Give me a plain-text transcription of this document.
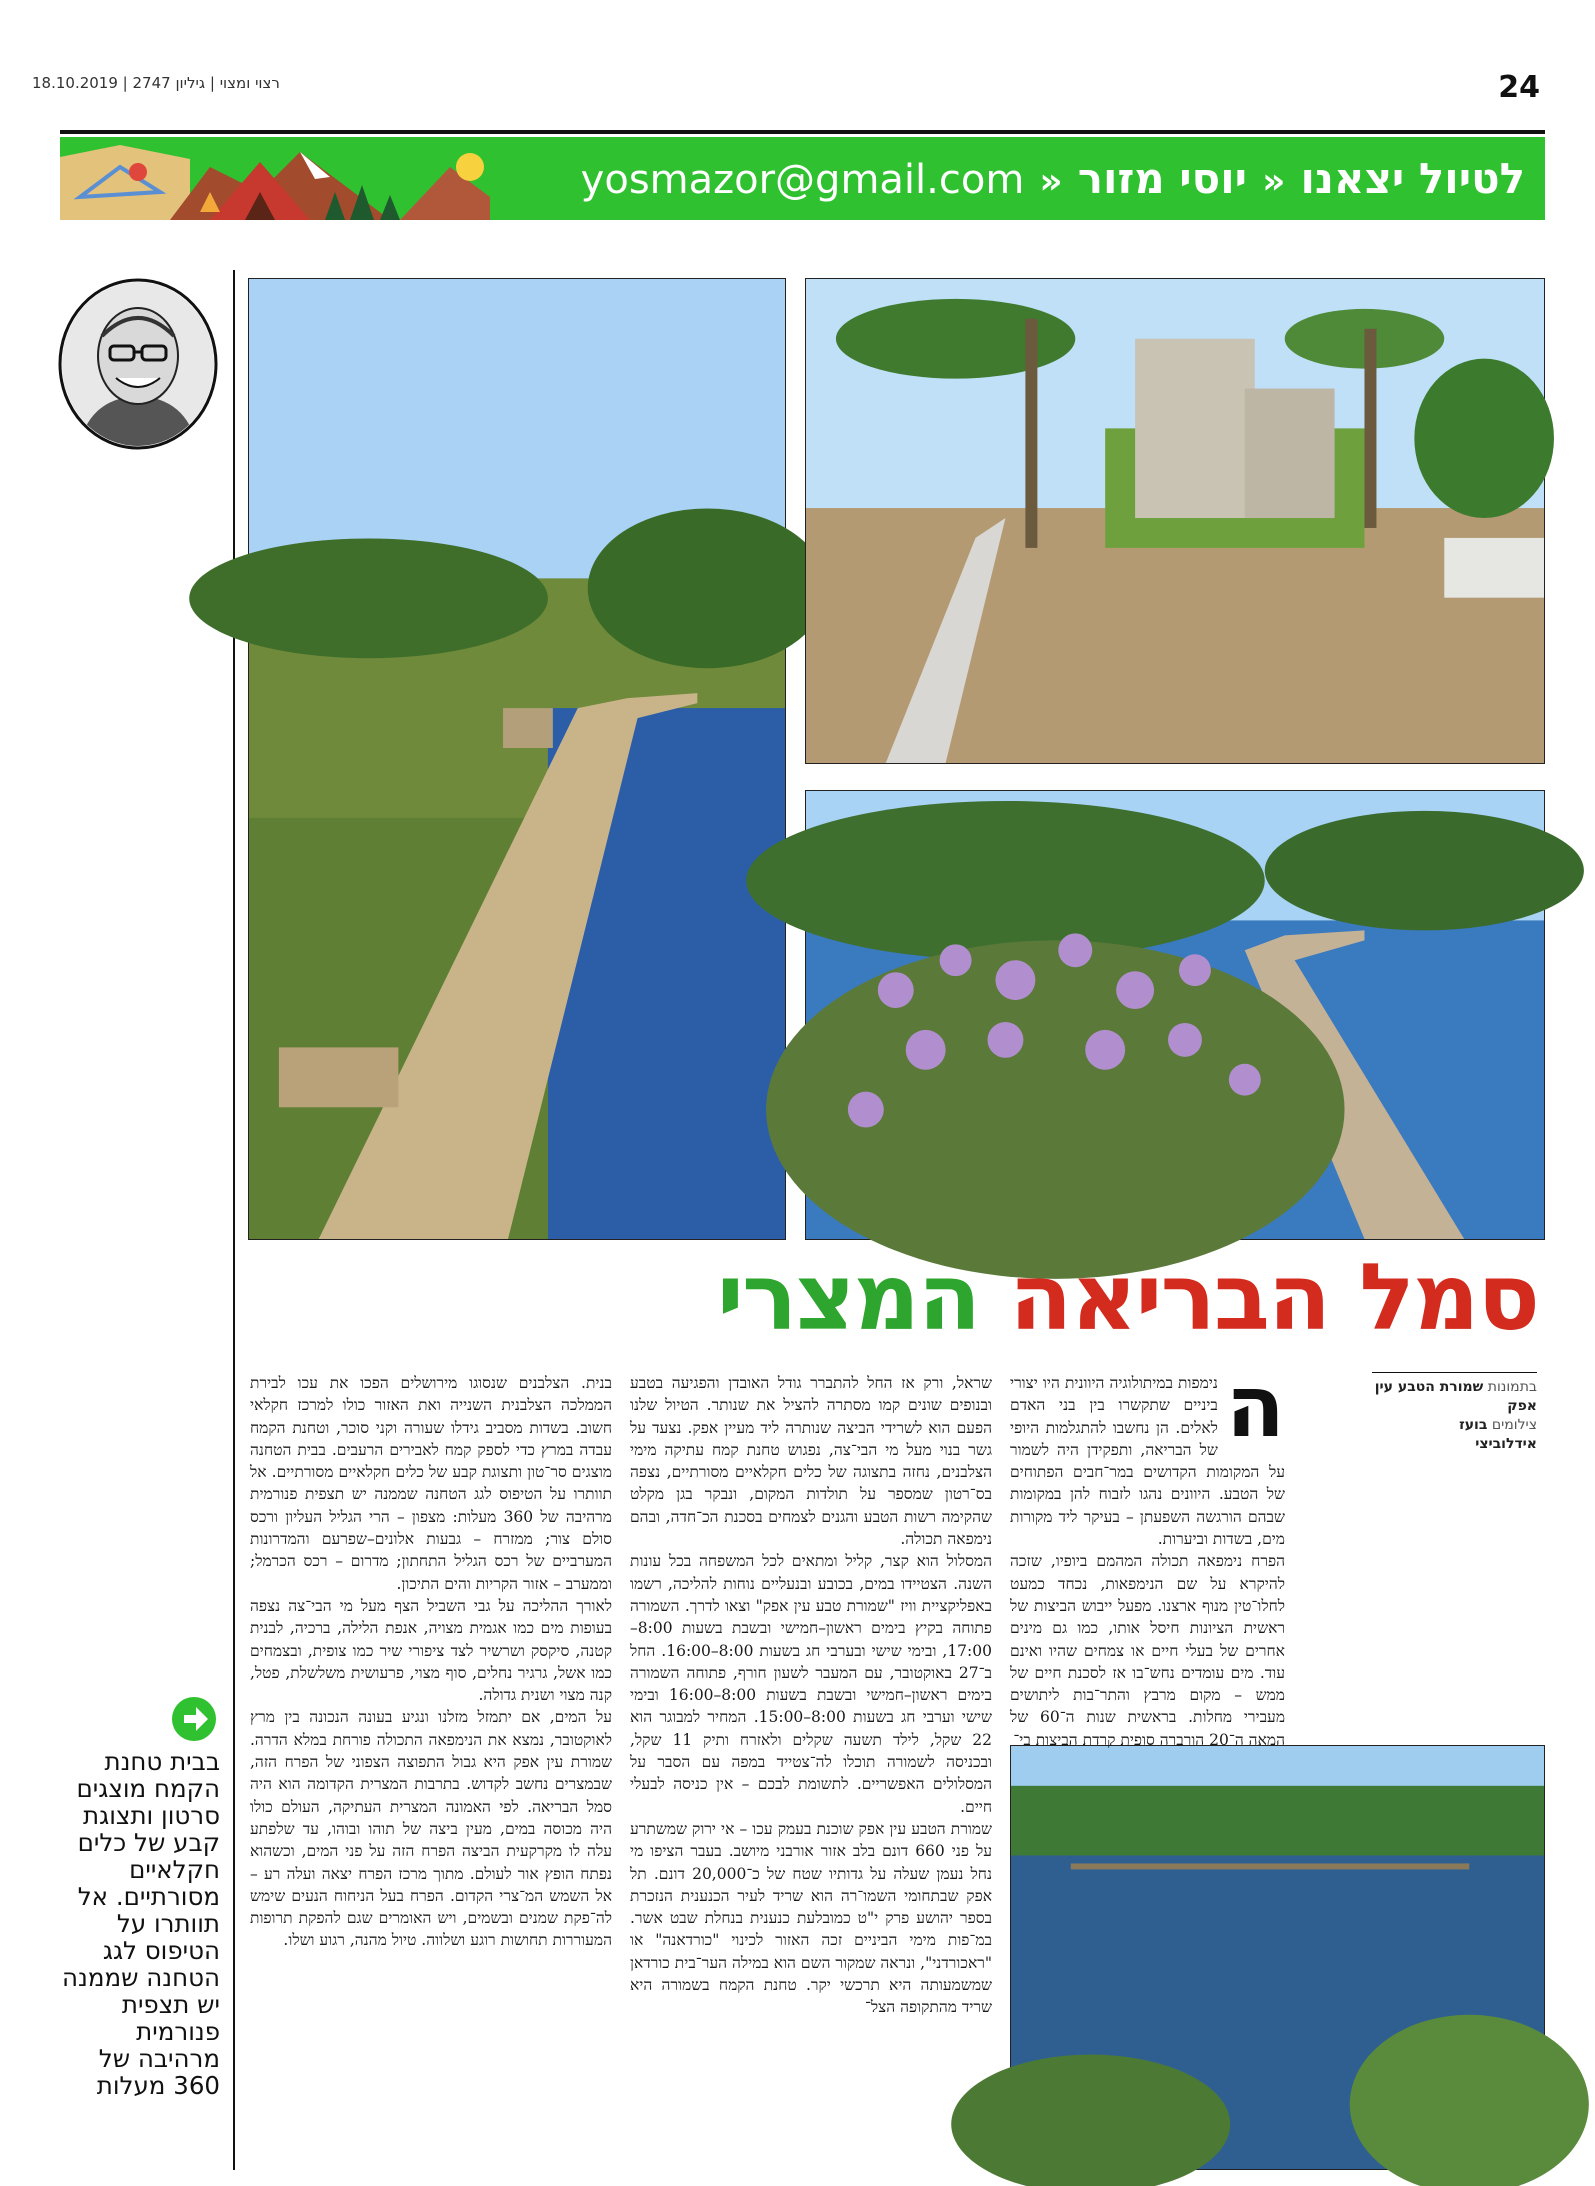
רצוי ומצוי | גיליון 2747 | 18.10.2019	24
לטיול יצאנו « יוסי מזור « yosmazor@gmail.com
סמל הבריאה המצרי
בתמונות שמורת הטבע עין אפק
צילומים בועז
אידלוביצי
ה

נימפות במיתולוגיה היוונית היו יצורי ביניים שתקשרו בין בני האדם לאלים. הן נחשבו להתגלמות היופי של הבריאה, ותפקידן היה לשמור על המקומות הקדושים במר־חבים הפתוחים של הטבע. היוונים נהגו לזבוח להן במקומות שבהם הורגשה השפעתן – בעיקר ליד מקורות מים, בשדות וביערות.

הפרח נימפאה תכולה המהמם ביופיו, שזכה להיקרא על שם הנימפאות, נכחד כמעט לחלו־טין מנוף ארצנו. מפעל ייבוש הביצות של ראשית הציונות חיסל אותו, כמו גם מינים אחרים של בעלי חיים או צמחים שהיו ואינם עוד. מים עומדים נחש־בו אז לסכנת חיים של ממש – מקום מרבץ והתר־בות ליתושים מעבירי מחלות. בראשית שנות ה־60 של המאה ה־20 הורברה סופית קרדת הביצות בי־

שראל, ורק אז החל להתברר גודל האובדן והפגיעה בטבע ובנופים שונים קמו מסתרה להציל את שנותר. הטיול שלנו הפעם הוא לשרידי הביצה שנותרה ליד מעיין אפק. נצעד על גשר בנוי מעל מי הבי־צה, נפגוש טחנת קמח עתיקה מימי הצלבנים, נחזה בתצוגה של כלים חקלאיים מסורתיים, נצפה בס־רטון שמספר על תולדות המקום, ונבקר בגן מקלט שהקימה רשות הטבע והגנים לצמחים בסכנת הכ־חדה, ובהם נימפאה תכולה.

המסלול הוא קצר, קליל ומתאים לכל המשפחה בכל עונות השנה. הצטיידו במים, בכובע ובנעליים נוחות להליכה, רשמו באפליקציית וויז "שמורת טבע עין אפק" וצאו לדרך. השמורה פתוחה בקיץ בימים ראשון–חמישי ובשבת בשעות 8:00–17:00, ובימי שישי ובערבי חג בשעות 8:00–16:00. החל ב־27 באוקטובר, עם המעבר לשעון חורף, פתוחה השמורה בימים ראשון–חמישי ובשבת בשעות 8:00–16:00 ובימי שישי וערבי חג בשעות 8:00–15:00. המחיר למבוגר הוא 22 שקל, לילד תשעה שקלים ולאזרח ותיק 11 שקל, ובכניסה לשמורה תוכלו לה־צטייד במפה עם הסבר על המסלולים האפשריים. לתשומת לבכם – אין כניסה לבעלי חיים.

שמורת הטבע עין אפק שוכנת בעמק עכו – אי ירוק שמשתרע על פני 660 דונם בלב אזור אורבני מיושב. בעבר הציפו מי נחל נעמן שעלה על גדותיו שטח של כ־20,000 דונם. תל אפק שבתחומי השמו־רה הוא שריד לעיר הכנענית הנזכרת בספר יהושע פרק י"ט כמובלעת כנענית בנחלת שבט אשר. במ־פות מימי הביניים זכה האזור לכינוי "כורדאנה" או "ראכורדני", ונראה שמקור השם הוא במילה הער־בית כורדאן שמשמעותה היא תרכשי יקר. טחנת הקמח בשמורה היא שריד מהתקופה הצל־

בנית. הצלבנים שנסוגו מירושלים הפכו את עכו לבירת הממלכה הצלבנית השנייה ואת האזור כולו למרכז חקלאי חשוב. בשדות מסביב גידלו שעורה וקני סוכר, וטחנת הקמח עבדה במרץ כדי לספק קמח לאבירים הרעבים. בבית הטחנה מוצגים סר־טון ותצוגת קבע של כלים חקלאיים מסורתיים. אל תוותרו על הטיפוס לגג הטחנה שממנה יש תצפית פנורמית מרהיבה של 360 מעלות: מצפון – הרי הגליל העליון ורכס סולם צור; ממזרח – גבעות אלונים–שפרעם והמדרונות המערביים של רכס הגליל התחתון; מדרום – רכס הכרמל; וממערב – אזור הקריות והים התיכון.

לאורך ההליכה על גבי השביל הצף מעל מי הבי־צה נצפה בעופות מים כמו אגמית מצויה, אנפת הלילה, ברכיה, לבנית קטנה, סיקסק ושרשיר לצד ציפורי שיר כמו צופית, ובצמחים כמו אשל, גרגיר נחלים, סוף מצוי, פרעושית משלשלת, פטל, קנה מצוי ושנית גדולה.

על המים, אם יתמזל מזלנו ונגיע בעונה הנכונה בין מרץ לאוקטובר, נמצא את הנימפאה התכולה פורחת במלא הדרה. שמורת עין אפק היא גבול התפוצה הצפוני של הפרח הזה, שבמצרים נחשב לקדוש. בתרבות המצרית הקדומה הוא היה סמל הבריאה. לפי האמונה המצרית העתיקה, העולם כולו היה מכוסה במים, מעין ביצה של תוהו ובוהו, עד שלפתע עלה לו מקרקעית הביצה הפרח הזה על פני המים, וכשהוא נפתח הופץ אור לעולם. מתוך מרכז הפרח יצאה ועלה רע – אל השמש המ־צרי הקדום. הפרח בעל הניחוח הנעים שימש לה־פקת שמנים ובשמים, ויש האומרים שגם להפקת תרופות המעוררות תחושות רוגע ושלווה. טיול מהנה, רגוע ושלו.

בבית טחנת הקמח מוצגים סרטון ותצוגת קבע של כלים חקלאיים מסורתיים. אל תוותרו על הטיפוס לגג הטחנה שממנה יש תצפית פנורמית מרהיבה של 360 מעלות
